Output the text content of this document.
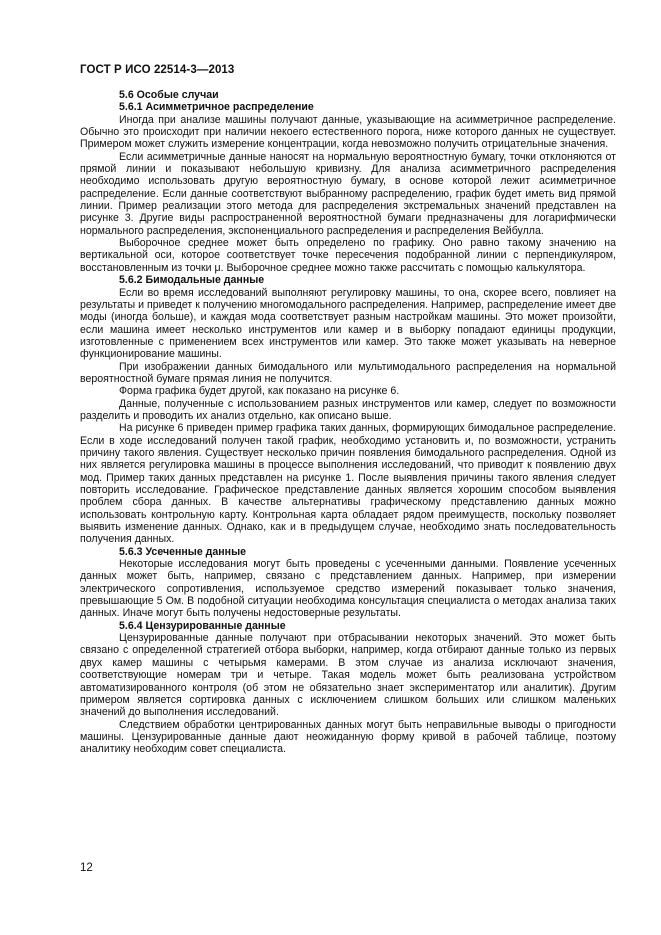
ГОСТ Р ИСО 22514-3—2013

5.6 Особые случаи

5.6.1 Асимметричное распределение

Иногда при анализе машины получают данные, указывающие на асимметричное распределение. Обычно это происходит при наличии некоего естественного порога, ниже которого данных не существует. Примером может служить измерение концентрации, когда невозможно получить отрицательные значения.

Если асимметричные данные наносят на нормальную вероятностную бумагу, точки отклоняются от прямой линии и показывают небольшую кривизну. Для анализа асимметричного распределения необходимо использовать другую вероятностную бумагу, в основе которой лежит асимметричное распределение. Если данные соответствуют выбранному распределению, график будет иметь вид прямой линии. Пример реализации этого метода для распределения экстремальных значений представлен на рисунке 3. Другие виды распространенной вероятностной бумаги предназначены для логарифмически нормального распределения, экспоненциального распределения и распределения Вейбулла.

Выборочное среднее может быть определено по графику. Оно равно такому значению на вертикальной оси, которое соответствует точке пересечения подобранной линии с перпендикуляром, восстановленным из точки μ. Выборочное среднее можно также рассчитать с помощью калькулятора.

5.6.2 Бимодальные данные

Если во время исследований выполняют регулировку машины, то она, скорее всего, повлияет на результаты и приведет к получению многомодального распределения. Например, распределение имеет две моды (иногда больше), и каждая мода соответствует разным настройкам машины. Это может произойти, если машина имеет несколько инструментов или камер и в выборку попадают единицы продукции, изготовленные с применением всех инструментов или камер. Это также может указывать на неверное функционирование машины.

При изображении данных бимодального или мультимодального распределения на нормальной вероятностной бумаге прямая линия не получится.

Форма графика будет другой, как показано на рисунке 6.

Данные, полученные с использованием разных инструментов или камер, следует по возможности разделить и проводить их анализ отдельно, как описано выше.

На рисунке 6 приведен пример графика таких данных, формирующих бимодальное распределение. Если в ходе исследований получен такой график, необходимо установить и, по возможности, устранить причину такого явления. Существует несколько причин появления бимодального распределения. Одной из них является регулировка машины в процессе выполнения исследований, что приводит к появлению двух мод. Пример таких данных представлен на рисунке 1. После выявления причины такого явления следует повторить исследование. Графическое представление данных является хорошим способом выявления проблем сбора данных. В качестве альтернативы графическому представлению данных можно использовать контрольную карту. Контрольная карта обладает рядом преимуществ, поскольку позволяет выявить изменение данных. Однако, как и в предыдущем случае, необходимо знать последовательность получения данных.

5.6.3 Усеченные данные

Некоторые исследования могут быть проведены с усеченными данными. Появление усеченных данных может быть, например, связано с представлением данных. Например, при измерении электрического сопротивления, используемое средство измерений показывает только значения, превышающие 5 Ом. В подобной ситуации необходима консультация специалиста о методах анализа таких данных. Иначе могут быть получены недостоверные результаты.

5.6.4 Цензурированные данные

Цензурированные данные получают при отбрасывании некоторых значений. Это может быть связано с определенной стратегией отбора выборки, например, когда отбирают данные только из первых двух камер машины с четырьмя камерами. В этом случае из анализа исключают значения, соответствующие номерам три и четыре. Такая модель может быть реализована устройством автоматизированного контроля (об этом не обязательно знает экспериментатор или аналитик). Другим примером является сортировка данных с исключением слишком больших или слишком маленьких значений до выполнения исследований.

Следствием обработки центрированных данных могут быть неправильные выводы о пригодности машины. Цензурированные данные дают неожиданную форму кривой в рабочей таблице, поэтому аналитику необходим совет специалиста.

12
